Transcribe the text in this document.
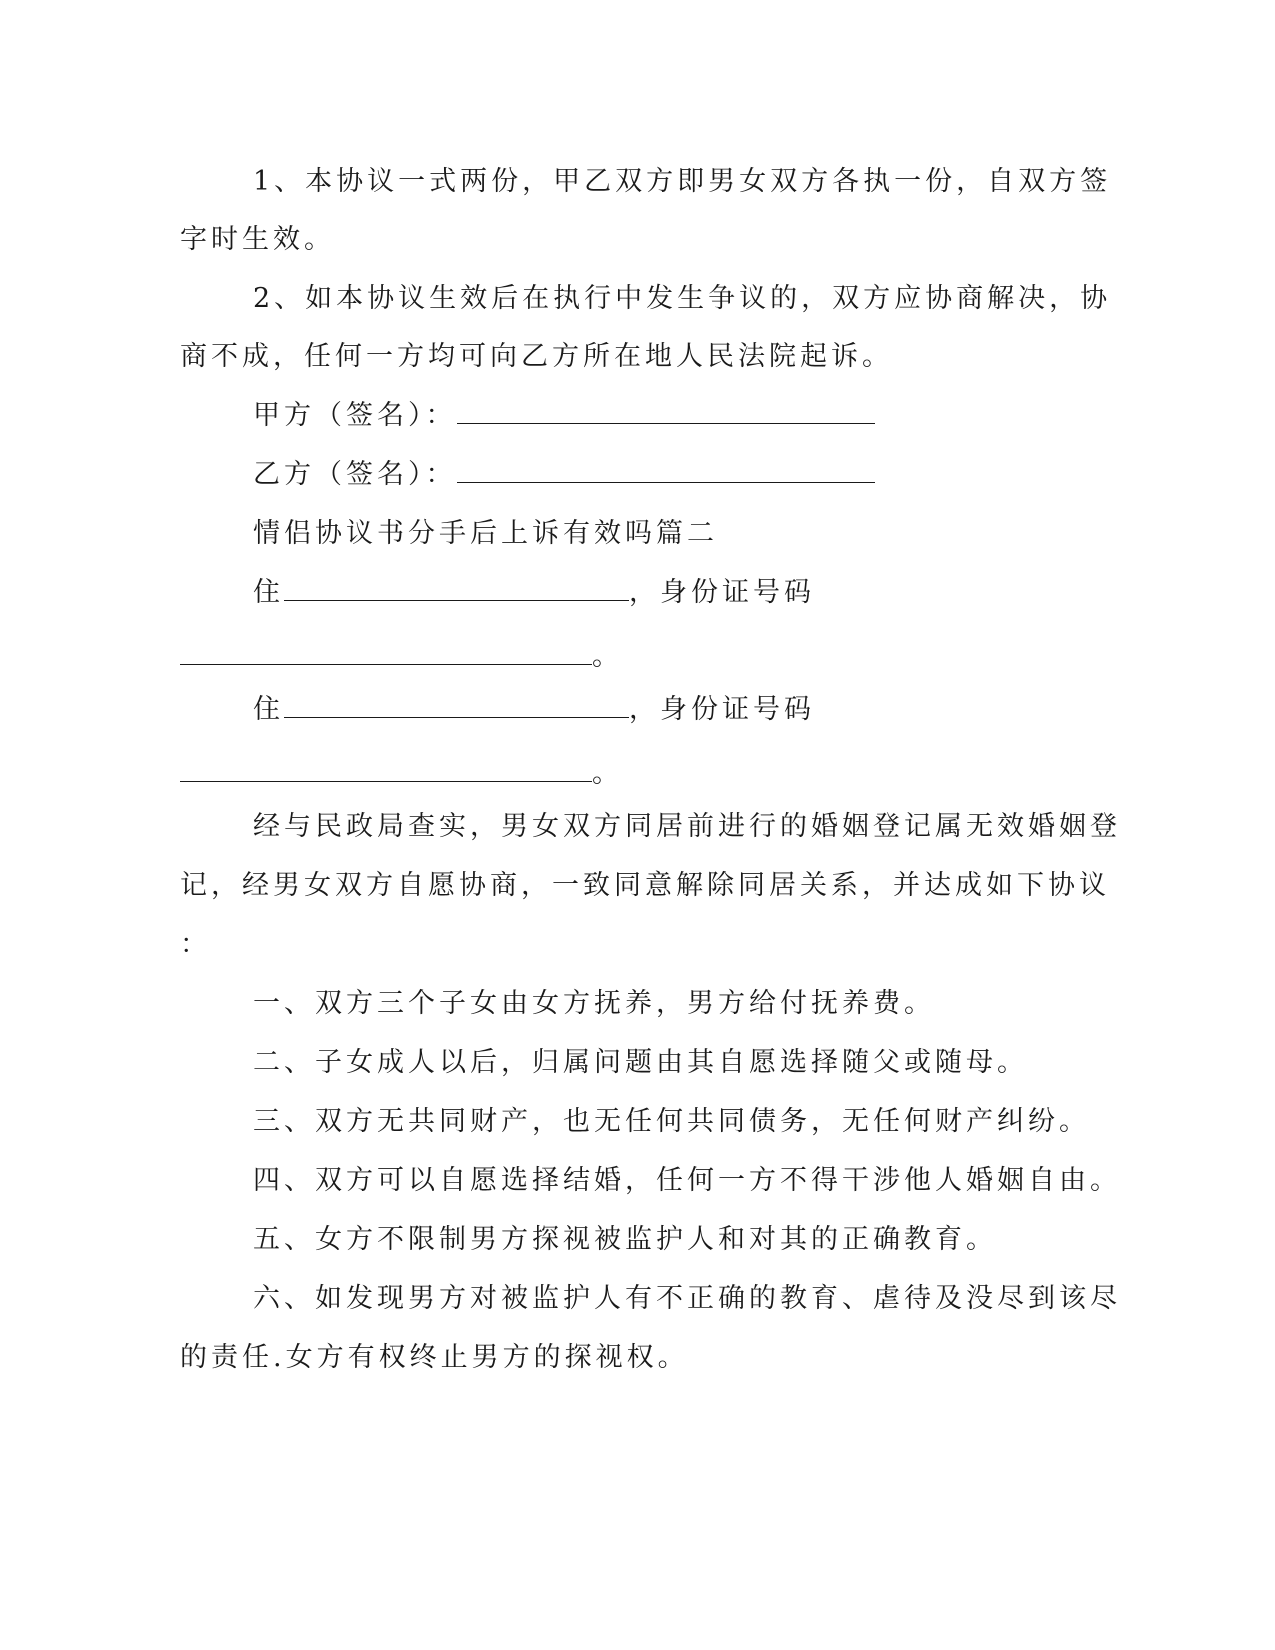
1、本协议一式两份，甲乙双方即男女双方各执一份，自双方签
字时生效。
2、如本协议生效后在执行中发生争议的，双方应协商解决，协
商不成，任何一方均可向乙方所在地人民法院起诉。
甲方（签名）：
乙方（签名）：
情侣协议书分手后上诉有效吗篇二
住	，身份证号码
。
住	，身份证号码
。
经与民政局查实，男女双方同居前进行的婚姻登记属无效婚姻登
记，经男女双方自愿协商，一致同意解除同居关系，并达成如下协议
：
一、双方三个子女由女方抚养，男方给付抚养费。
二、子女成人以后，归属问题由其自愿选择随父或随母。
三、双方无共同财产，也无任何共同债务，无任何财产纠纷。
四、双方可以自愿选择结婚，任何一方不得干涉他人婚姻自由。
五、女方不限制男方探视被监护人和对其的正确教育。
六、如发现男方对被监护人有不正确的教育、虐待及没尽到该尽
的责任.女方有权终止男方的探视权。
